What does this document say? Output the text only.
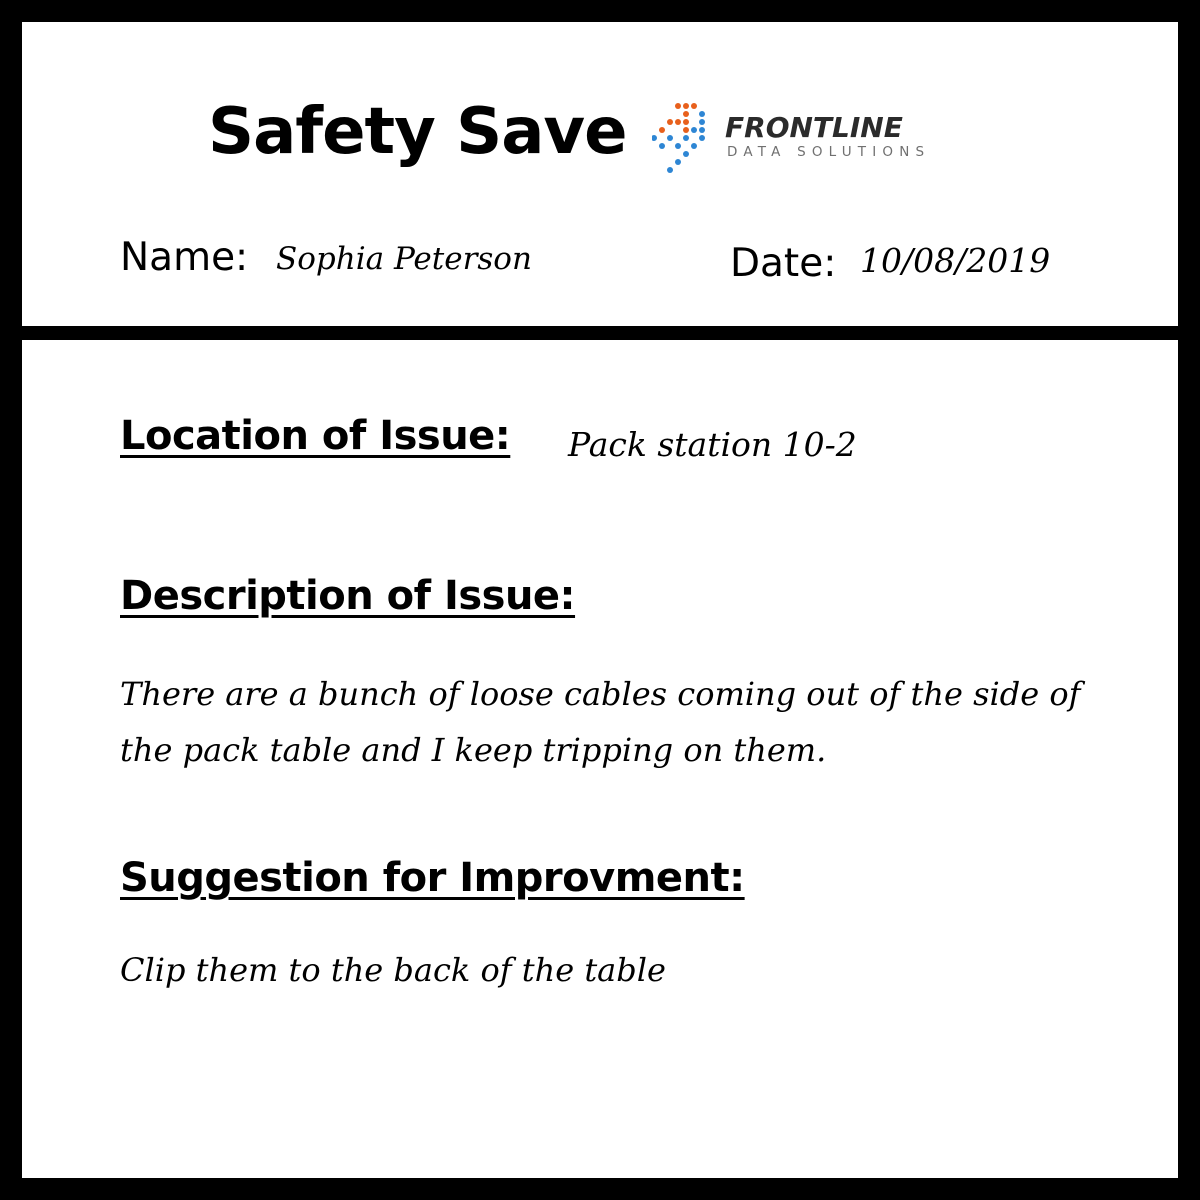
Safety Save	FRONTLINE
DATA SOLUTIONS
Name: Sophia Peterson	Date: 10/08/2019
Location of Issue: Pack station 10-2
Description of Issue:
There are a bunch of loose cables coming out of the side of the pack table and I keep tripping on them.
Suggestion for Improvment:
Clip them to the back of the table
